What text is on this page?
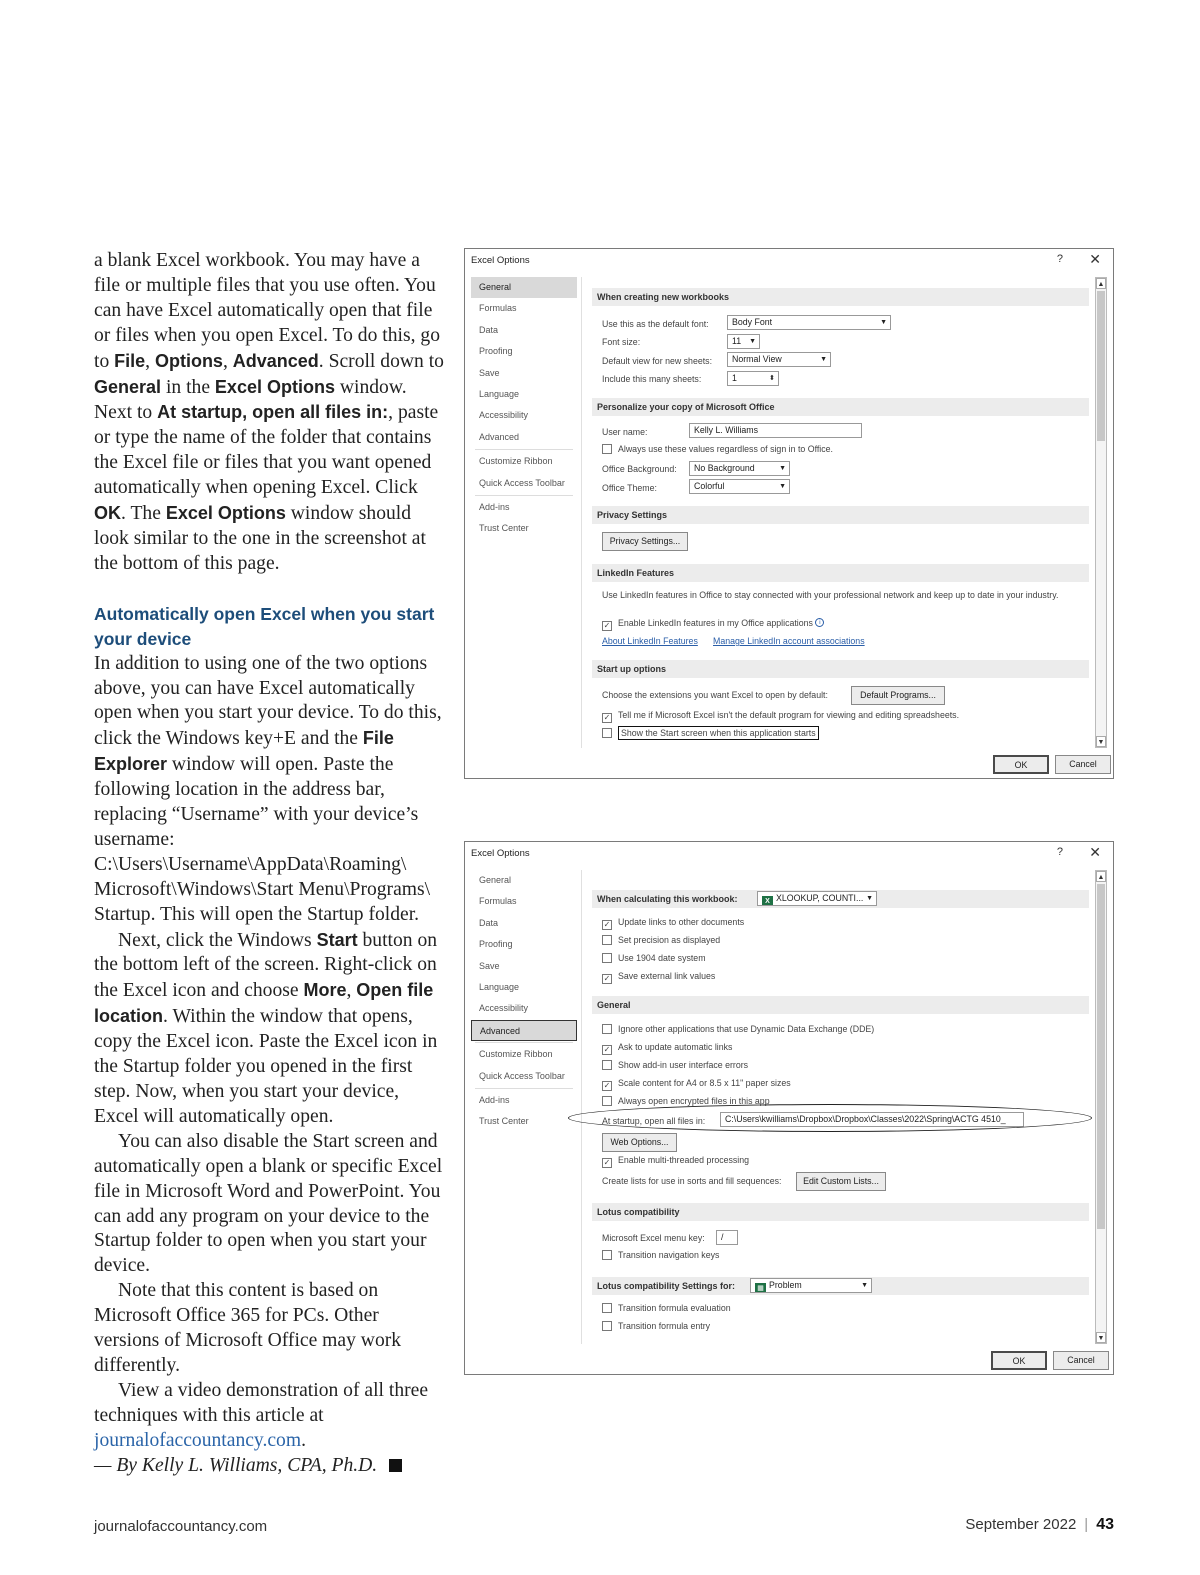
a blank Excel workbook. You may have a file or multiple files that you use often. You can have Excel automatically open that file or files when you open Excel. To do this, go to File, Options, Advanced. Scroll down to General in the Excel Options window. Next to At startup, open all files in:, paste or type the name of the folder that contains the Excel file or files that you want opened automatically when opening Excel. Click OK. The Excel Options window should look similar to the one in the screenshot at the bottom of this page.

Automatically open Excel when you start your device

In addition to using one of the two options above, you can have Excel automatically open when you start your device. To do this, click the Windows key+E and the File Explorer window will open. Paste the following location in the address bar, replacing “Username” with your device’s username: C:\Users\Username\AppData\Roaming\ Microsoft\Windows\Start Menu\Programs\ Startup. This will open the Startup folder.

Next, click the Windows Start button on the bottom left of the screen. Right-click on the Excel icon and choose More, Open file location. Within the window that opens, copy the Excel icon. Paste the Excel icon in the Startup folder you opened in the first step. Now, when you start your device, Excel will automatically open.

You can also disable the Start screen and automatically open a blank or specific Excel file in Microsoft Word and PowerPoint. You can add any program on your device to the Startup folder to open when you start your device.

Note that this content is based on Microsoft Office 365 for PCs. Other versions of Microsoft Office may work differently.

View a video demonstration of all three techniques with this article at journalofaccountancy.com.

— By Kelly L. Williams, CPA, Ph.D.

Excel Options	? ✕
General
Formulas
Data
Proofing
Save
Language
Accessibility
Advanced
Customize Ribbon
Quick Access Toolbar
Add-ins
Trust Center
When creating new workbooks
Use this as the default font:	Body Font	▼
Font size:	11 ▼
Default view for new sheets:	Normal View	▼
Include this many sheets:	1	⬍
Personalize your copy of Microsoft Office
User name:	Kelly L. Williams
Always use these values regardless of sign in to Office.
Office Background:	No Background	▼
Office Theme:	Colorful	▼
Privacy Settings
Privacy Settings...
LinkedIn Features
Use LinkedIn features in Office to stay connected with your professional network and keep up to date in your industry.
✓ Enable LinkedIn features in my Office applications i
About LinkedIn Features Manage LinkedIn account associations
Start up options
Choose the extensions you want Excel to open by default:	Default Programs...
✓ Tell me if Microsoft Excel isn't the default program for viewing and editing spreadsheets.
Show the Start screen when this application starts
▲
▼
OK	Cancel
Excel Options	? ✕
General
Formulas
Data
Proofing
Save
Language
Accessibility
Advanced
Customize Ribbon
Quick Access Toolbar
Add-ins
Trust Center
When calculating this workbook:	X XLOOKUP, COUNTI... ▼
✓ Update links to other documents
Set precision as displayed
Use 1904 date system
✓ Save external link values
General
Ignore other applications that use Dynamic Data Exchange (DDE)
✓ Ask to update automatic links
Show add-in user interface errors
✓ Scale content for A4 or 8.5 x 11" paper sizes
Always open encrypted files in this app
At startup, open all files in:	C:\Users\kwilliams\Dropbox\Dropbox\Classes\2022\Spring\ACTG 4510_
Web Options...
✓ Enable multi-threaded processing
Create lists for use in sorts and fill sequences:	Edit Custom Lists...
Lotus compatibility
Microsoft Excel menu key:	/
Transition navigation keys
Lotus compatibility Settings for:	▦ Problem	▼
Transition formula evaluation
Transition formula entry
▲
▼
OK	Cancel
journalofaccountancy.com	September 2022 | 43
